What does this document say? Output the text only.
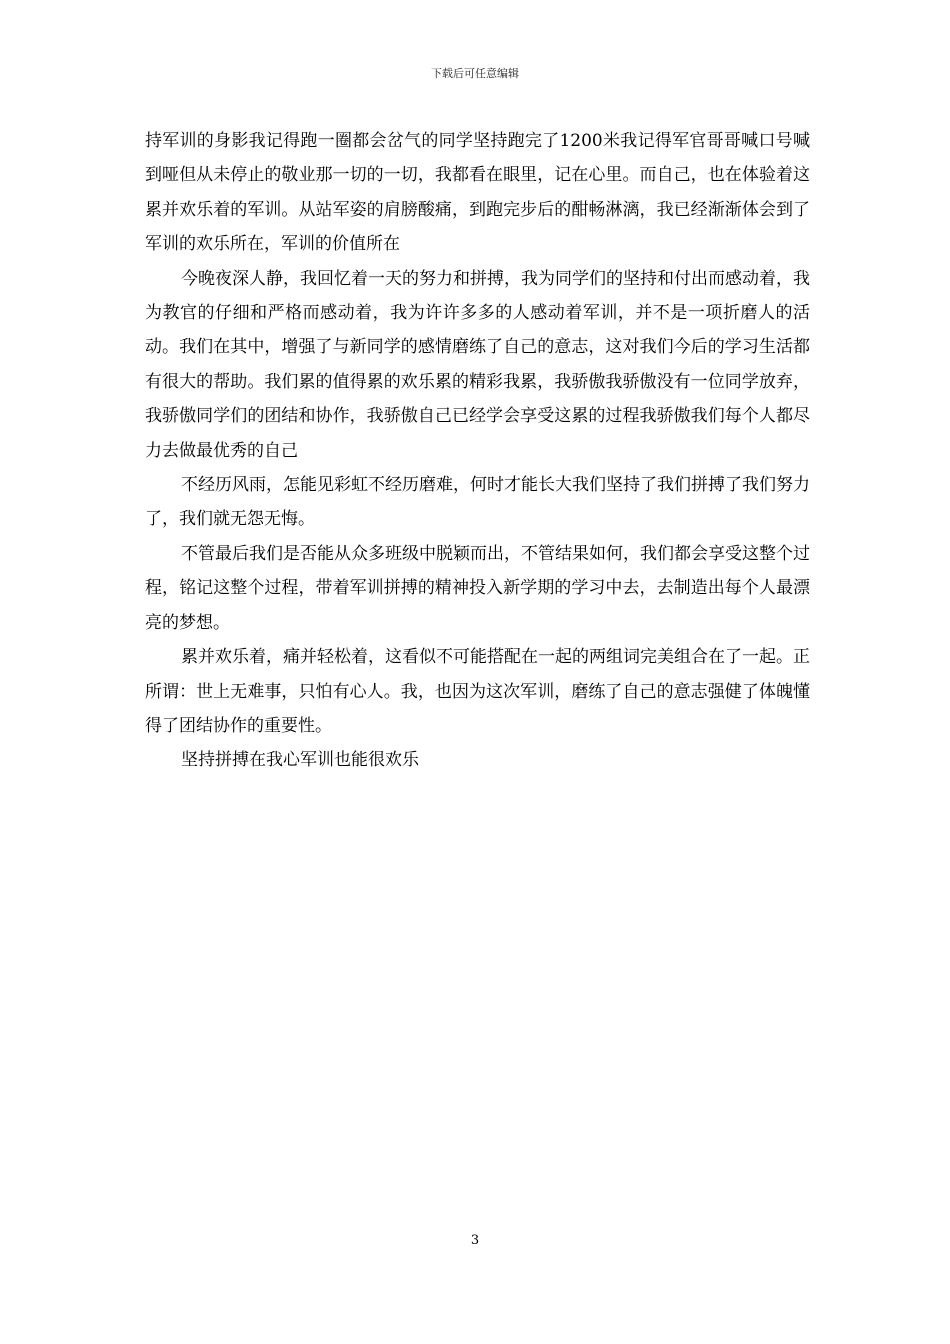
下载后可任意编辑

持军训的身影我记得跑一圈都会岔气的同学坚持跑完了1200米我记得军官哥哥喊口号喊到哑但从未停止的敬业那一切的一切，我都看在眼里，记在心里。而自己，也在体验着这累并欢乐着的军训。从站军姿的肩膀酸痛，到跑完步后的酣畅淋漓，我已经渐渐体会到了军训的欢乐所在，军训的价值所在

今晚夜深人静，我回忆着一天的努力和拼搏，我为同学们的坚持和付出而感动着，我为教官的仔细和严格而感动着，我为许许多多的人感动着军训，并不是一项折磨人的活动。我们在其中，增强了与新同学的感情磨练了自己的意志，这对我们今后的学习生活都有很大的帮助。我们累的值得累的欢乐累的精彩我累，我骄傲我骄傲没有一位同学放弃，我骄傲同学们的团结和协作，我骄傲自己已经学会享受这累的过程我骄傲我们每个人都尽力去做最优秀的自己

不经历风雨，怎能见彩虹不经历磨难，何时才能长大我们坚持了我们拼搏了我们努力了，我们就无怨无悔。

不管最后我们是否能从众多班级中脱颖而出，不管结果如何，我们都会享受这整个过程，铭记这整个过程，带着军训拼搏的精神投入新学期的学习中去，去制造出每个人最漂亮的梦想。

累并欢乐着，痛并轻松着，这看似不可能搭配在一起的两组词完美组合在了一起。正所谓：世上无难事，只怕有心人。我，也因为这次军训，磨练了自己的意志强健了体魄懂得了团结协作的重要性。

坚持拼搏在我心军训也能很欢乐

3
